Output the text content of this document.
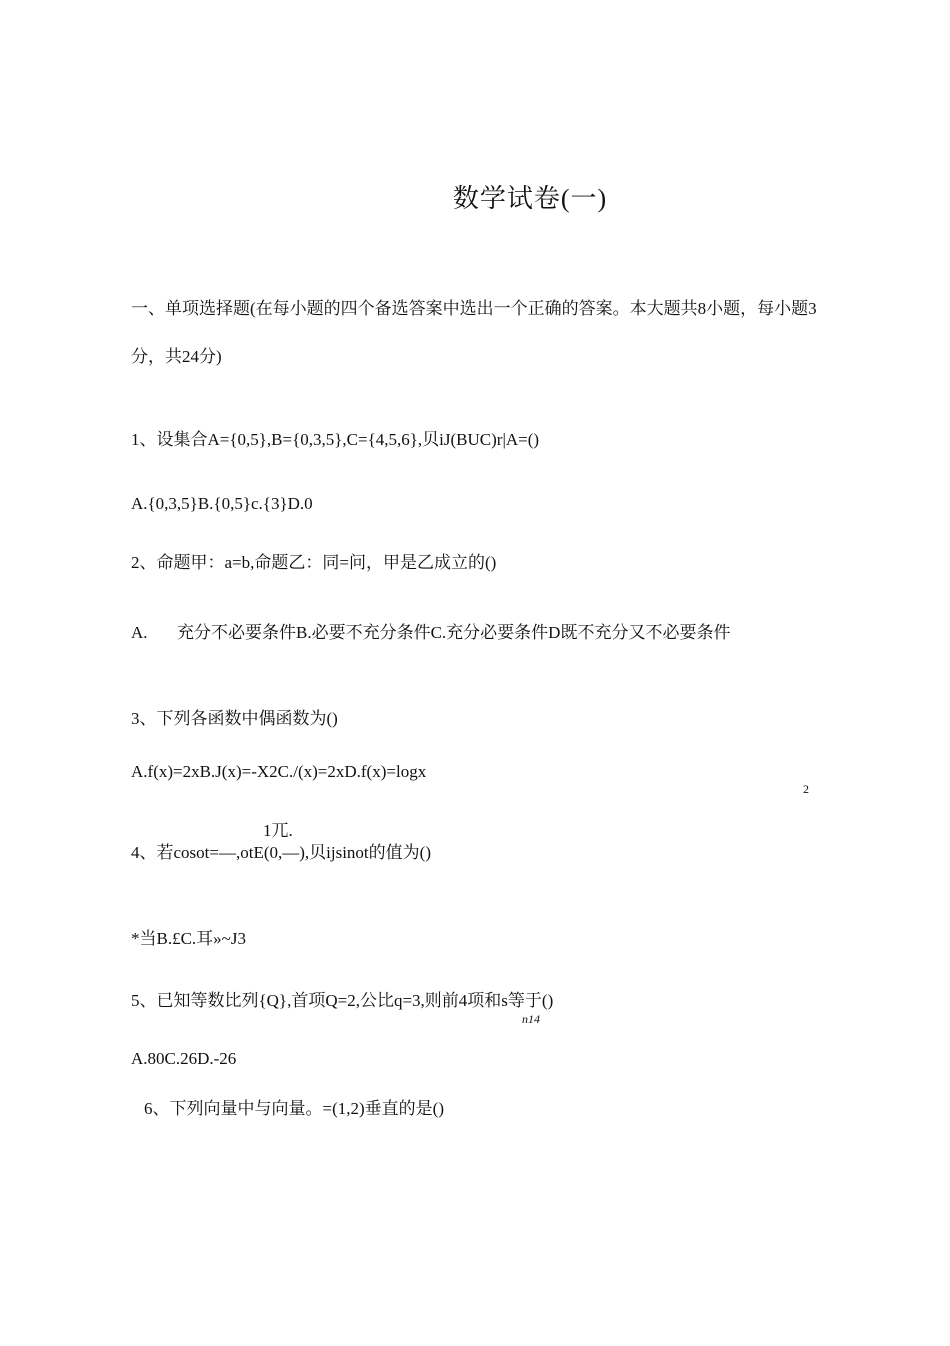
数学试卷(一)
一、单项选择题(在每小题的四个备选答案中选出一个正确的答案。本大题共8小题，每小题3
分，共24分)
1、设集合A={0,5},B={0,3,5},C={4,5,6},贝iJ(BUC)r|A=()
A.{0,3,5}B.{0,5}c.{3}D.0
2、命题甲：a=b,命题乙：同=问，甲是乙成立的()
A. 充分不必要条件B.必要不充分条件C.充分必要条件D既不充分又不必要条件
3、下列各函数中偶函数为()
A.f(x)=2xB.J(x)=-X2C./(x)=2xD.f(x)=logx
2
1兀.
4、若cosot=—,otE(0,—),贝ijsinot的值为()
*当B.£C.耳»~J3
5、已知等数比列{Q},首项Q=2,公比q=3,则前4项和s等于()
n14
A.80C.26D.-26
6、下列向量中与向量。=(1,2)垂直的是()
